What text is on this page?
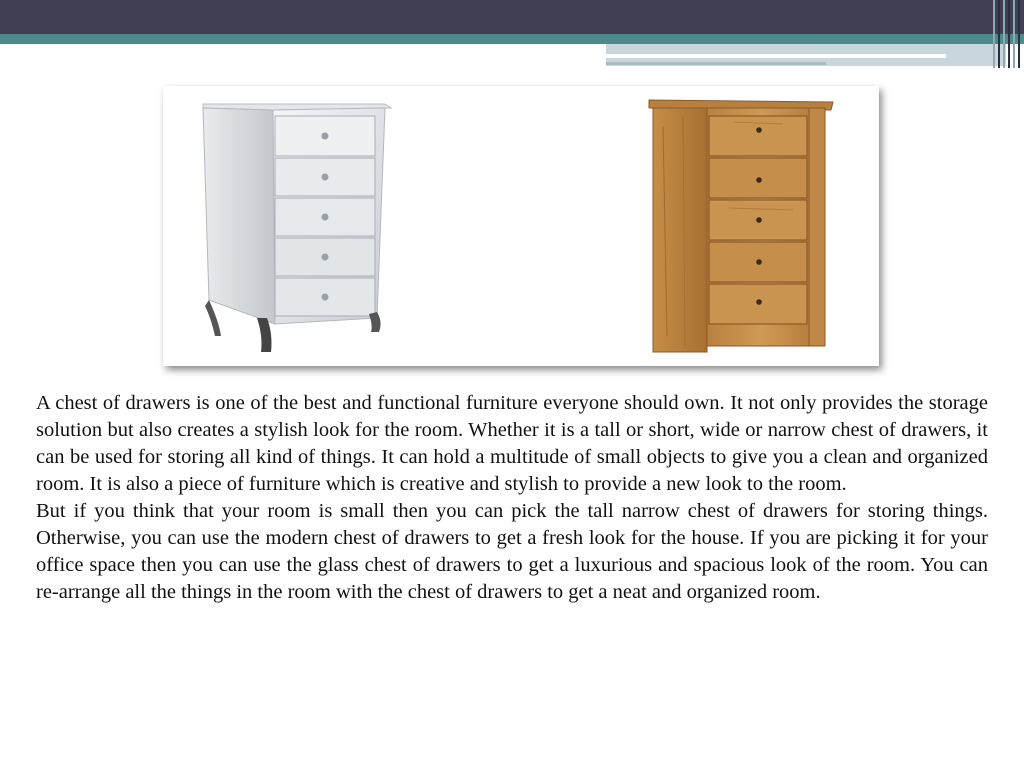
A chest of drawers is one of the best and functional furniture everyone should own. It not only provides the storage solution but also creates a stylish look for the room. Whether it is a tall or short, wide or narrow chest of drawers, it can be used for storing all kind of things. It can hold a multitude of small objects to give you a clean and organized room. It is also a piece of furniture which is creative and stylish to provide a new look to the room.

But if you think that your room is small then you can pick the tall narrow chest of drawers for storing things. Otherwise, you can use the modern chest of drawers to get a fresh look for the house. If you are picking it for your office space then you can use the glass chest of drawers to get a luxurious and spacious look of the room. You can re-arrange all the things in the room with the chest of drawers to get a neat and organized room.
